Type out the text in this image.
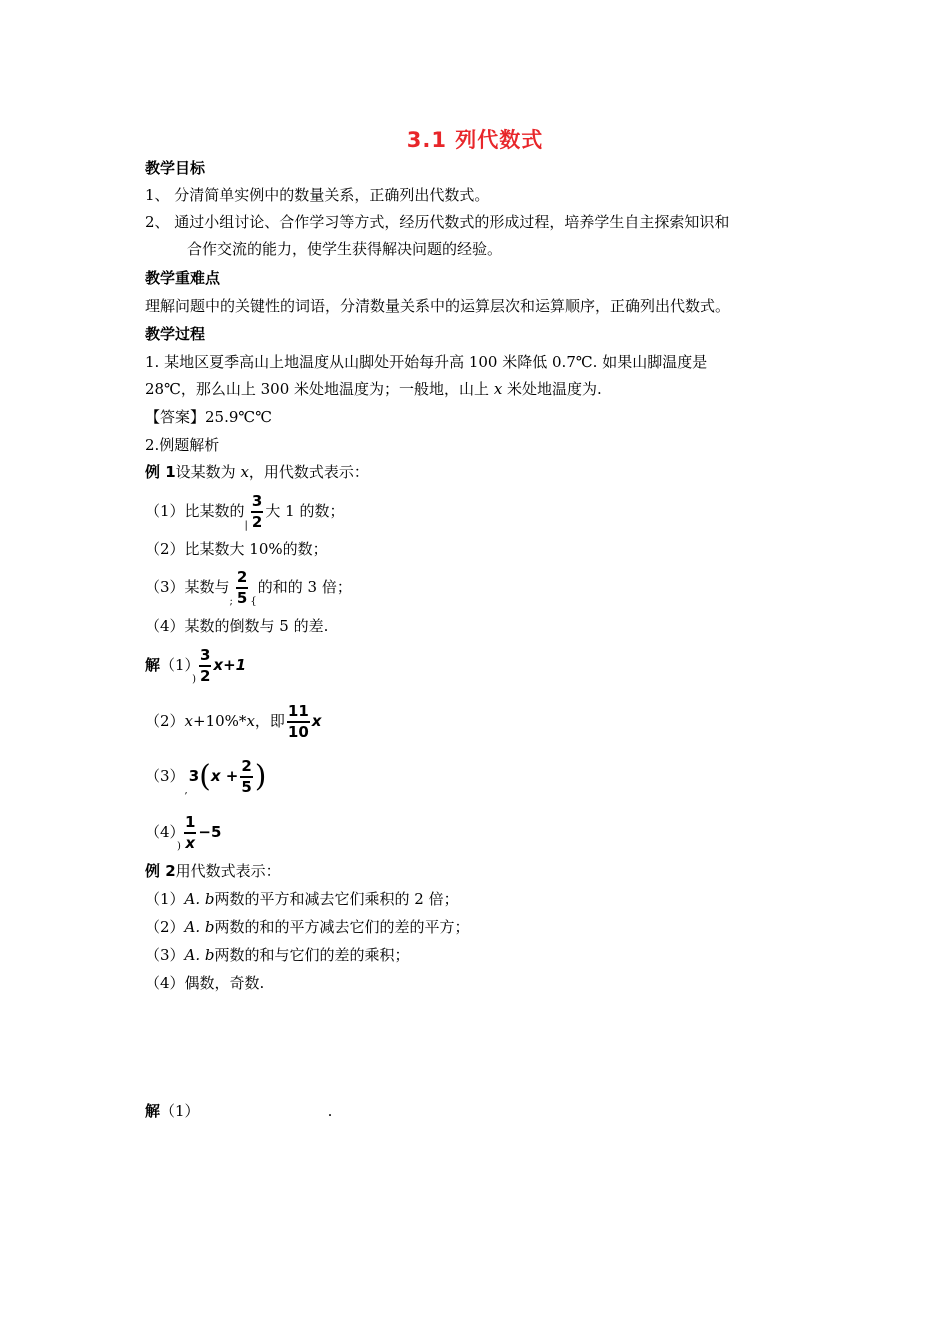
3.1 列代数式
教学目标
1、 分清简单实例中的数量关系，正确列出代数式。
2、 通过小组讨论、合作学习等方式，经历代数式的形成过程，培养学生自主探索知识和
合作交流的能力，使学生获得解决问题的经验。
教学重难点
理解问题中的关键性的词语，分清数量关系中的运算层次和运算顺序，正确列出代数式。
教学过程
1. 某地区夏季高山上地温度从山脚处开始每升高 100 米降低 0.7℃. 如果山脚温度是
28℃，那么山上 300 米处地温度为；一般地，山上 x 米处地温度为.
【答案】25.9℃℃
2.例题解析
例 1设某数为 x，用代数式表示：
（1）比某数的$_| \frac{3}{2}$ 大 1 的数；
（2）比某数大 10%的数；
（3）某数与$_; \frac{2}{5} _{\{}$的和的 3 倍；
（4）某数的倒数与 5 的差.
解$(1)_) \frac{3}{2} x+1$
（2）x+10%*x，即 $\frac{11}{10}$ x
$(3)_,3(x + \frac{2}{5}$ )
$(4)_) \frac{1}{x} -5$
例 2用代数式表示：
（1）A. b两数的平方和减去它们乘积的 2 倍；
（2）A. b两数的和的平方减去它们的差的平方；
（3）A. b两数的和与它们的差的乘积；
（4）偶数，奇数.
解（1）	.
